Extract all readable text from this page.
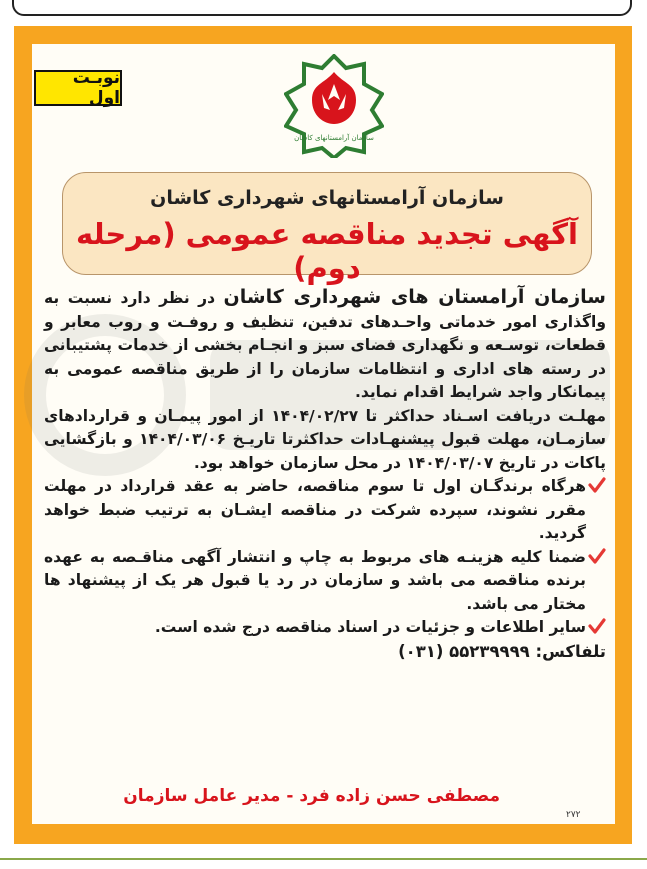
نوبـت اول
سازمان آرامستانهای کاشان
سازمان آرامستانهای شهرداری کاشان
آگهی تجدید مناقصه عمومی (مرحله دوم)

سازمان آرامستان های شهرداری کاشان در نظر دارد نسبت به واگذاری امور خدماتی واحـدهای تدفین، تنظیف و روفـت و روب معابر و قطعات، توسـعه و نگهداری فضای سبز و انجـام بخشی از خدمات پشتیبانی در رسته های اداری و انتظامات سازمان را از طریق مناقصه عمومی به پیمانکار واجد شرایط اقدام نماید.

مهلـت دریافت اسـناد حداکثر تا ۱۴۰۴/۰۲/۲۷ از امور پیمـان و قراردادهای سازمـان، مهلت قبول پیشنهـادات حداکثرتا تاریـخ ۱۴۰۴/۰۳/۰۶ و بازگشایی پاکات در تاریخ ۱۴۰۴/۰۳/۰۷ در محل سازمان خواهد بود.

هرگاه برندگـان اول تا سوم مناقصه، حاضر به عقد قرارداد در مهلت مقرر نشوند، سپرده شرکت در مناقصه ایشـان به ترتیب ضبط خواهد گردید.

ضمنا کلیه هزینـه های مربوط به چاپ و انتشار آگهی مناقـصه به عهده برنده مناقصه می باشد و سازمان در رد یا قبول هر یک از پیشنهاد ها مختار می باشد.

سایر اطلاعات و جزئیات در اسناد مناقصه درج شده است.

تلفاکس: ۵۵۲۳۹۹۹۹ (۰۳۱)

مصطفی حسن زاده فرد - مدیر عامل سازمان
۲۷۲
